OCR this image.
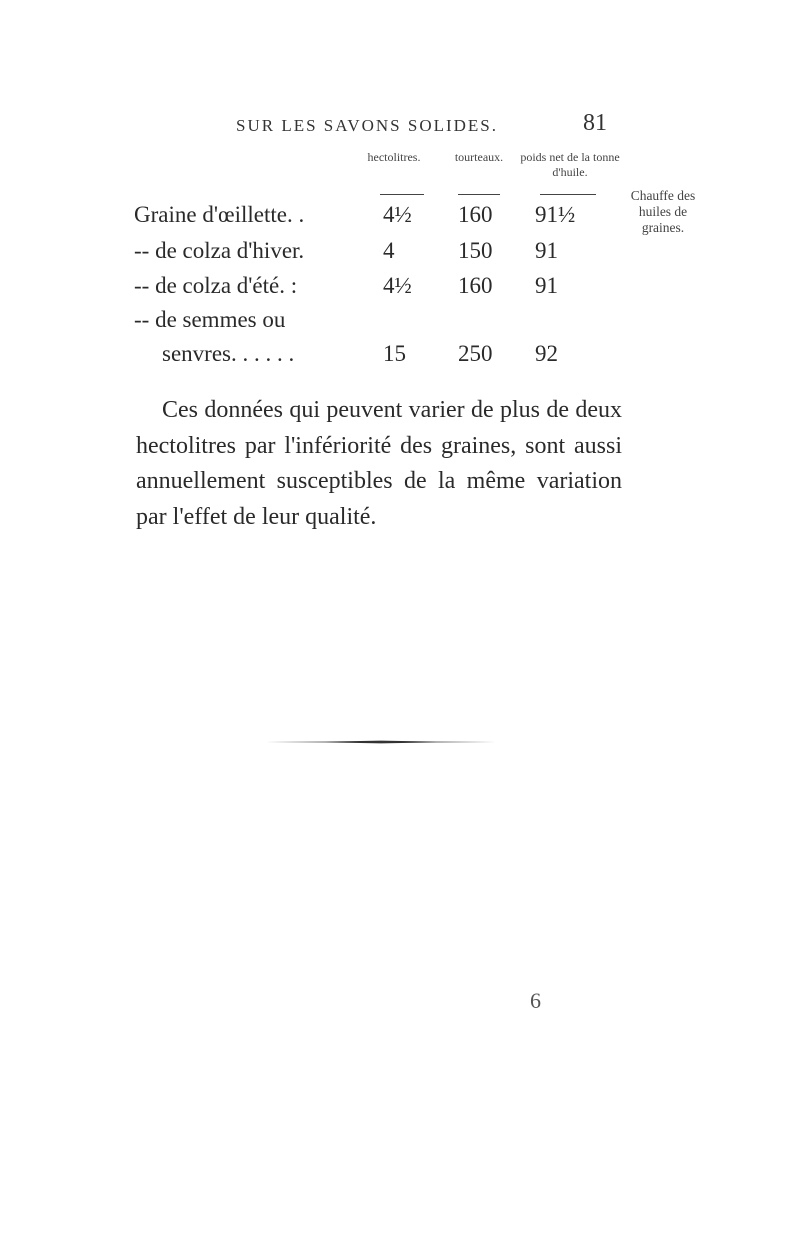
SUR LES SAVONS SOLIDES.	81
hectolitres.	tourteaux.	poids net de la tonne d'huile.
Chauffe des huiles de graines.
Graine d'œillette. .	4½ 160 91½
-- de colza d'hiver.	4	150 91
-- de colza d'été. :	4½ 160 91
-- de semmes ou
senvres. . . . . .	15 250 92
Ces données qui peuvent varier de plus de deux hectolitres par l'infériorité des graines, sont aussi annuellement susceptibles de la même variation par l'effet de leur qualité.
6
